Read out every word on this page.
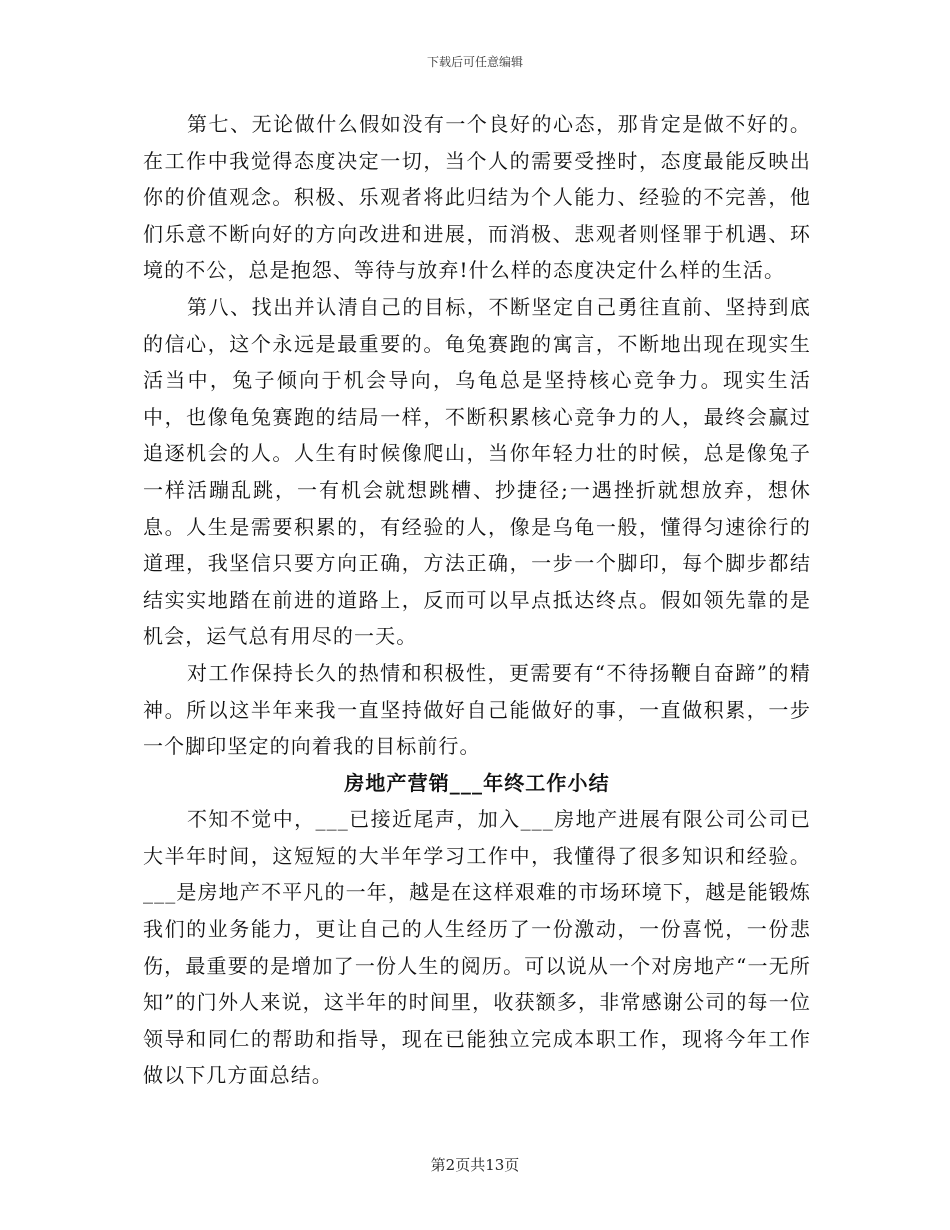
下载后可任意编辑

第七、无论做什么假如没有一个良好的心态，那肯定是做不好的。在工作中我觉得态度决定一切，当个人的需要受挫时，态度最能反映出你的价值观念。积极、乐观者将此归结为个人能力、经验的不完善，他们乐意不断向好的方向改进和进展，而消极、悲观者则怪罪于机遇、环境的不公，总是抱怨、等待与放弃!什么样的态度决定什么样的生活。

第八、找出并认清自己的目标，不断坚定自己勇往直前、坚持到底的信心，这个永远是最重要的。龟兔赛跑的寓言，不断地出现在现实生活当中，兔子倾向于机会导向，乌龟总是坚持核心竞争力。现实生活中，也像龟兔赛跑的结局一样，不断积累核心竞争力的人，最终会赢过追逐机会的人。人生有时候像爬山，当你年轻力壮的时候，总是像兔子一样活蹦乱跳，一有机会就想跳槽、抄捷径;一遇挫折就想放弃，想休息。人生是需要积累的，有经验的人，像是乌龟一般，懂得匀速徐行的道理，我坚信只要方向正确，方法正确，一步一个脚印，每个脚步都结结实实地踏在前进的道路上，反而可以早点抵达终点。假如领先靠的是机会，运气总有用尽的一天。

对工作保持长久的热情和积极性，更需要有“不待扬鞭自奋蹄”的精神。所以这半年来我一直坚持做好自己能做好的事，一直做积累，一步一个脚印坚定的向着我的目标前行。

房地产营销___年终工作小结

不知不觉中，___已接近尾声，加入___房地产进展有限公司公司已大半年时间，这短短的大半年学习工作中，我懂得了很多知识和经验。___是房地产不平凡的一年，越是在这样艰难的市场环境下，越是能锻炼我们的业务能力，更让自己的人生经历了一份激动，一份喜悦，一份悲伤，最重要的是增加了一份人生的阅历。可以说从一个对房地产“一无所知”的门外人来说，这半年的时间里，收获额多，非常感谢公司的每一位领导和同仁的帮助和指导，现在已能独立完成本职工作，现将今年工作做以下几方面总结。

第2页共13页
